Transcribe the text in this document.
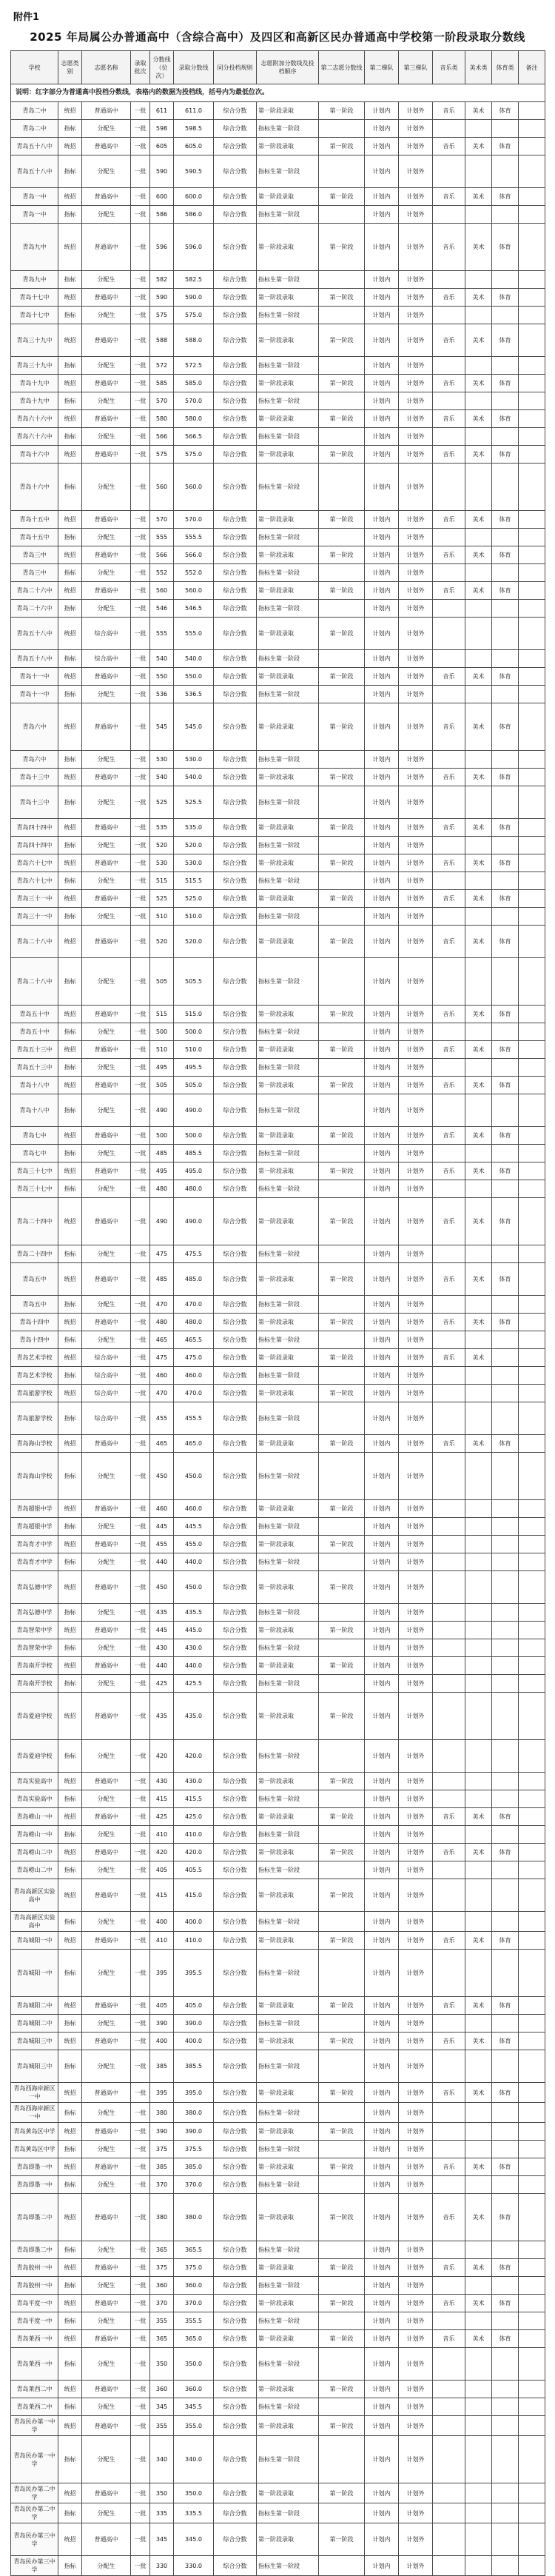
附件1
2025 年局属公办普通高中（含综合高中）及四区和高新区民办普通高中学校第一阶段录取分数线
学校	志愿类别	志愿名称	录取批次	分数线（位次）	录取分数线	同分投档规则	志愿附加分数线及投档顺序	第二志愿分数线	第二梯队	第三梯队	音乐类	美术类	体育类	备注
说明：红字部分为普通高中投档分数线，表格内的数据为投档线，括号内为最低位次。														
青岛二中	统招	普通高中	一批	611	611.0	综合分数	第一阶段录取	第一阶段	计划内	计划外	音乐	美术	体育	
青岛二中	指标	分配生	一批	598	598.5	综合分数	指标生第一阶段		计划内	计划外				
青岛五十八中	统招	普通高中	一批	605	605.0	综合分数	第一阶段录取	第一阶段	计划内	计划外	音乐	美术	体育	
青岛五十八中	指标	分配生	一批	590	590.5	综合分数	指标生第一阶段		计划内	计划外				
青岛一中	统招	普通高中	一批	600	600.0	综合分数	第一阶段录取	第一阶段	计划内	计划外	音乐	美术	体育	
青岛一中	指标	分配生	一批	586	586.0	综合分数	指标生第一阶段		计划内	计划外				
青岛九中	统招	普通高中	一批	596	596.0	综合分数	第一阶段录取	第一阶段	计划内	计划外	音乐	美术	体育	
青岛九中	指标	分配生	一批	582	582.5	综合分数	指标生第一阶段		计划内	计划外				
青岛十七中	统招	普通高中	一批	590	590.0	综合分数	第一阶段录取	第一阶段	计划内	计划外	音乐	美术	体育	
青岛十七中	指标	分配生	一批	575	575.0	综合分数	指标生第一阶段		计划内	计划外				
青岛三十九中	统招	普通高中	一批	588	588.0	综合分数	第一阶段录取	第一阶段	计划内	计划外	音乐	美术	体育	
青岛三十九中	指标	分配生	一批	572	572.5	综合分数	指标生第一阶段		计划内	计划外				
青岛十九中	统招	普通高中	一批	585	585.0	综合分数	第一阶段录取	第一阶段	计划内	计划外	音乐	美术	体育	
青岛十九中	指标	分配生	一批	570	570.0	综合分数	指标生第一阶段		计划内	计划外				
青岛六十六中	统招	普通高中	一批	580	580.0	综合分数	第一阶段录取	第一阶段	计划内	计划外	音乐	美术	体育	
青岛六十六中	指标	分配生	一批	566	566.5	综合分数	指标生第一阶段		计划内	计划外				
青岛十六中	统招	普通高中	一批	575	575.0	综合分数	第一阶段录取	第一阶段	计划内	计划外	音乐	美术	体育	
青岛十六中	指标	分配生	一批	560	560.0	综合分数	指标生第一阶段		计划内	计划外				
青岛十五中	统招	普通高中	一批	570	570.0	综合分数	第一阶段录取	第一阶段	计划内	计划外	音乐	美术	体育	
青岛十五中	指标	分配生	一批	555	555.5	综合分数	指标生第一阶段		计划内	计划外				
青岛三中	统招	普通高中	一批	566	566.0	综合分数	第一阶段录取	第一阶段	计划内	计划外	音乐	美术	体育	
青岛三中	指标	分配生	一批	552	552.0	综合分数	指标生第一阶段		计划内	计划外				
青岛二十六中	统招	普通高中	一批	560	560.0	综合分数	第一阶段录取	第一阶段	计划内	计划外	音乐	美术	体育	
青岛二十六中	指标	分配生	一批	546	546.5	综合分数	指标生第一阶段		计划内	计划外				
青岛五十八中	统招	综合高中	一批	555	555.0	综合分数	第一阶段录取	第一阶段	计划内	计划外				
青岛五十八中	指标	综合高中	一批	540	540.0	综合分数	指标生第一阶段		计划内	计划外				
青岛十一中	统招	普通高中	一批	550	550.0	综合分数	第一阶段录取	第一阶段	计划内	计划外	音乐	美术	体育	
青岛十一中	指标	分配生	一批	536	536.5	综合分数	指标生第一阶段		计划内	计划外				
青岛六中	统招	普通高中	一批	545	545.0	综合分数	第一阶段录取	第一阶段	计划内	计划外	音乐	美术	体育	
青岛六中	指标	分配生	一批	530	530.0	综合分数	指标生第一阶段		计划内	计划外				
青岛十三中	统招	普通高中	一批	540	540.0	综合分数	第一阶段录取	第一阶段	计划内	计划外	音乐	美术	体育	
青岛十三中	指标	分配生	一批	525	525.5	综合分数	指标生第一阶段		计划内	计划外				
青岛四十四中	统招	普通高中	一批	535	535.0	综合分数	第一阶段录取	第一阶段	计划内	计划外	音乐	美术	体育	
青岛四十四中	指标	分配生	一批	520	520.0	综合分数	指标生第一阶段		计划内	计划外				
青岛六十七中	统招	普通高中	一批	530	530.0	综合分数	第一阶段录取	第一阶段	计划内	计划外	音乐	美术	体育	
青岛六十七中	指标	分配生	一批	515	515.5	综合分数	指标生第一阶段		计划内	计划外				
青岛三十一中	统招	普通高中	一批	525	525.0	综合分数	第一阶段录取	第一阶段	计划内	计划外	音乐	美术	体育	
青岛三十一中	指标	分配生	一批	510	510.0	综合分数	指标生第一阶段		计划内	计划外				
青岛二十八中	统招	普通高中	一批	520	520.0	综合分数	第一阶段录取	第一阶段	计划内	计划外	音乐	美术	体育	
青岛二十八中	指标	分配生	一批	505	505.5	综合分数	指标生第一阶段		计划内	计划外				
青岛五十中	统招	普通高中	一批	515	515.0	综合分数	第一阶段录取	第一阶段	计划内	计划外	音乐	美术	体育	
青岛五十中	指标	分配生	一批	500	500.0	综合分数	指标生第一阶段		计划内	计划外				
青岛五十三中	统招	普通高中	一批	510	510.0	综合分数	第一阶段录取	第一阶段	计划内	计划外	音乐	美术	体育	
青岛五十三中	指标	分配生	一批	495	495.5	综合分数	指标生第一阶段		计划内	计划外				
青岛十八中	统招	普通高中	一批	505	505.0	综合分数	第一阶段录取	第一阶段	计划内	计划外	音乐	美术	体育	
青岛十八中	指标	分配生	一批	490	490.0	综合分数	指标生第一阶段		计划内	计划外				
青岛七中	统招	普通高中	一批	500	500.0	综合分数	第一阶段录取	第一阶段	计划内	计划外	音乐	美术	体育	
青岛七中	指标	分配生	一批	485	485.5	综合分数	指标生第一阶段		计划内	计划外				
青岛三十七中	统招	普通高中	一批	495	495.0	综合分数	第一阶段录取	第一阶段	计划内	计划外	音乐	美术	体育	
青岛三十七中	指标	分配生	一批	480	480.0	综合分数	指标生第一阶段		计划内	计划外				
青岛二十四中	统招	普通高中	一批	490	490.0	综合分数	第一阶段录取	第一阶段	计划内	计划外	音乐	美术	体育	
青岛二十四中	指标	分配生	一批	475	475.5	综合分数	指标生第一阶段		计划内	计划外				
青岛五中	统招	普通高中	一批	485	485.0	综合分数	第一阶段录取	第一阶段	计划内	计划外	音乐	美术	体育	
青岛五中	指标	分配生	一批	470	470.0	综合分数	指标生第一阶段		计划内	计划外				
青岛十四中	统招	普通高中	一批	480	480.0	综合分数	第一阶段录取	第一阶段	计划内	计划外	音乐	美术	体育	
青岛十四中	指标	分配生	一批	465	465.5	综合分数	指标生第一阶段		计划内	计划外				
青岛艺术学校	统招	综合高中	一批	475	475.0	综合分数	第一阶段录取	第一阶段	计划内	计划外	音乐	美术		
青岛艺术学校	指标	综合高中	一批	460	460.0	综合分数	指标生第一阶段		计划内	计划外				
青岛旅游学校	统招	综合高中	一批	470	470.0	综合分数	第一阶段录取	第一阶段	计划内	计划外				
青岛旅游学校	指标	综合高中	一批	455	455.5	综合分数	指标生第一阶段		计划内	计划外				
青岛海山学校	统招	普通高中	一批	465	465.0	综合分数	第一阶段录取	第一阶段	计划内	计划外	音乐	美术	体育	
青岛海山学校	指标	分配生	一批	450	450.0	综合分数	指标生第一阶段		计划内	计划外				
青岛超银中学	统招	普通高中	一批	460	460.0	综合分数	第一阶段录取	第一阶段	计划内	计划外				
青岛超银中学	指标	分配生	一批	445	445.5	综合分数	指标生第一阶段		计划内	计划外				
青岛育才中学	统招	普通高中	一批	455	455.0	综合分数	第一阶段录取	第一阶段	计划内	计划外				
青岛育才中学	指标	分配生	一批	440	440.0	综合分数	指标生第一阶段		计划内	计划外				
青岛弘德中学	统招	普通高中	一批	450	450.0	综合分数	第一阶段录取	第一阶段	计划内	计划外				
青岛弘德中学	指标	分配生	一批	435	435.5	综合分数	指标生第一阶段		计划内	计划外				
青岛智荣中学	统招	普通高中	一批	445	445.0	综合分数	第一阶段录取	第一阶段	计划内	计划外				
青岛智荣中学	指标	分配生	一批	430	430.0	综合分数	指标生第一阶段		计划内	计划外				
青岛南开学校	统招	普通高中	一批	440	440.0	综合分数	第一阶段录取	第一阶段	计划内	计划外				
青岛南开学校	指标	分配生	一批	425	425.5	综合分数	指标生第一阶段		计划内	计划外				
青岛爱迪学校	统招	普通高中	一批	435	435.0	综合分数	第一阶段录取	第一阶段	计划内	计划外				
青岛爱迪学校	指标	分配生	一批	420	420.0	综合分数	指标生第一阶段		计划内	计划外				
青岛实验高中	统招	普通高中	一批	430	430.0	综合分数	第一阶段录取	第一阶段	计划内	计划外				
青岛实验高中	指标	分配生	一批	415	415.5	综合分数	指标生第一阶段		计划内	计划外				
青岛崂山一中	统招	普通高中	一批	425	425.0	综合分数	第一阶段录取	第一阶段	计划内	计划外	音乐	美术	体育	
青岛崂山一中	指标	分配生	一批	410	410.0	综合分数	指标生第一阶段		计划内	计划外				
青岛崂山二中	统招	普通高中	一批	420	420.0	综合分数	第一阶段录取	第一阶段	计划内	计划外	音乐	美术	体育	
青岛崂山二中	指标	分配生	一批	405	405.5	综合分数	指标生第一阶段		计划内	计划外				
青岛高新区实验高中	统招	普通高中	一批	415	415.0	综合分数	第一阶段录取	第一阶段	计划内	计划外				
青岛高新区实验高中	指标	分配生	一批	400	400.0	综合分数	指标生第一阶段		计划内	计划外				
青岛城阳一中	统招	普通高中	一批	410	410.0	综合分数	第一阶段录取	第一阶段	计划内	计划外	音乐	美术	体育	
青岛城阳一中	指标	分配生	一批	395	395.5	综合分数	指标生第一阶段		计划内	计划外				
青岛城阳二中	统招	普通高中	一批	405	405.0	综合分数	第一阶段录取	第一阶段	计划内	计划外	音乐	美术	体育	
青岛城阳二中	指标	分配生	一批	390	390.0	综合分数	指标生第一阶段		计划内	计划外				
青岛城阳三中	统招	普通高中	一批	400	400.0	综合分数	第一阶段录取	第一阶段	计划内	计划外	音乐	美术	体育	
青岛城阳三中	指标	分配生	一批	385	385.5	综合分数	指标生第一阶段		计划内	计划外				
青岛西海岸新区一中	统招	普通高中	一批	395	395.0	综合分数	第一阶段录取	第一阶段	计划内	计划外	音乐	美术	体育	
青岛西海岸新区一中	指标	分配生	一批	380	380.0	综合分数	指标生第一阶段		计划内	计划外				
青岛黄岛区中学	统招	普通高中	一批	390	390.0	综合分数	第一阶段录取	第一阶段	计划内	计划外				
青岛黄岛区中学	指标	分配生	一批	375	375.5	综合分数	指标生第一阶段		计划内	计划外				
青岛即墨一中	统招	普通高中	一批	385	385.0	综合分数	第一阶段录取	第一阶段	计划内	计划外	音乐	美术	体育	
青岛即墨一中	指标	分配生	一批	370	370.0	综合分数	指标生第一阶段		计划内	计划外				
青岛即墨二中	统招	普通高中	一批	380	380.0	综合分数	第一阶段录取	第一阶段	计划内	计划外	音乐	美术	体育	
青岛即墨二中	指标	分配生	一批	365	365.5	综合分数	指标生第一阶段		计划内	计划外				
青岛胶州一中	统招	普通高中	一批	375	375.0	综合分数	第一阶段录取	第一阶段	计划内	计划外	音乐	美术	体育	
青岛胶州一中	指标	分配生	一批	360	360.0	综合分数	指标生第一阶段		计划内	计划外				
青岛平度一中	统招	普通高中	一批	370	370.0	综合分数	第一阶段录取	第一阶段	计划内	计划外	音乐	美术	体育	
青岛平度一中	指标	分配生	一批	355	355.5	综合分数	指标生第一阶段		计划内	计划外				
青岛莱西一中	统招	普通高中	一批	365	365.0	综合分数	第一阶段录取	第一阶段	计划内	计划外	音乐	美术	体育	
青岛莱西一中	指标	分配生	一批	350	350.0	综合分数	指标生第一阶段		计划内	计划外				
青岛莱西二中	统招	普通高中	一批	360	360.0	综合分数	第一阶段录取	第一阶段	计划内	计划外				
青岛莱西二中	指标	分配生	一批	345	345.5	综合分数	指标生第一阶段		计划内	计划外				
青岛民办第一中学	统招	普通高中	一批	355	355.0	综合分数	第一阶段录取	第一阶段	计划内	计划外				
青岛民办第一中学	指标	分配生	一批	340	340.0	综合分数	指标生第一阶段		计划内	计划外				
青岛民办第二中学	统招	普通高中	一批	350	350.0	综合分数	第一阶段录取	第一阶段	计划内	计划外				
青岛民办第二中学	指标	分配生	一批	335	335.5	综合分数	指标生第一阶段		计划内	计划外				
青岛民办第三中学	统招	普通高中	一批	345	345.0	综合分数	第一阶段录取	第一阶段	计划内	计划外				
青岛民办第三中学	指标	分配生	一批	330	330.0	综合分数	指标生第一阶段		计划内	计划外				
